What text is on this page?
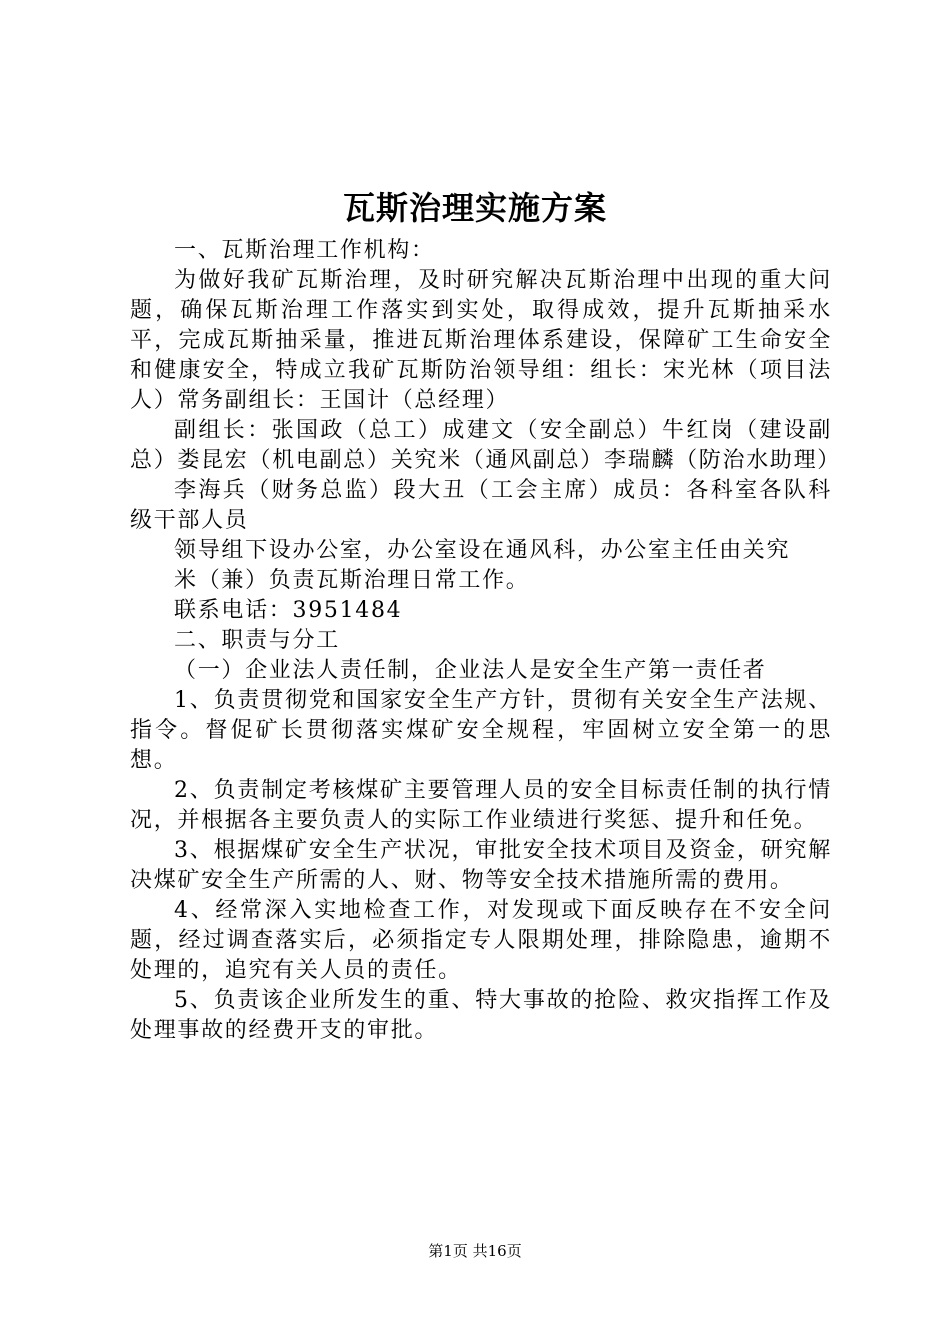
瓦斯治理实施方案

一、瓦斯治理工作机构：

为做好我矿瓦斯治理，及时研究解决瓦斯治理中出现的重大问题，确保瓦斯治理工作落实到实处，取得成效，提升瓦斯抽采水平，完成瓦斯抽采量，推进瓦斯治理体系建设，保障矿工生命安全和健康安全，特成立我矿瓦斯防治领导组：组长：宋光林（项目法人）常务副组长：王国计（总经理）

副组长：张国政（总工）成建文（安全副总）牛红岗（建设副总）娄昆宏（机电副总）关究米（通风副总）李瑞麟（防治水助理）

李海兵（财务总监）段大丑（工会主席）成员：各科室各队科级干部人员

领导组下设办公室，办公室设在通风科，办公室主任由关究

米（兼）负责瓦斯治理日常工作。

联系电话：3951484

二、职责与分工

（一）企业法人责任制，企业法人是安全生产第一责任者

1、负责贯彻党和国家安全生产方针，贯彻有关安全生产法规、指令。督促矿长贯彻落实煤矿安全规程，牢固树立安全第一的思想。

2、负责制定考核煤矿主要管理人员的安全目标责任制的执行情况，并根据各主要负责人的实际工作业绩进行奖惩、提升和任免。

3、根据煤矿安全生产状况，审批安全技术项目及资金，研究解决煤矿安全生产所需的人、财、物等安全技术措施所需的费用。

4、经常深入实地检查工作，对发现或下面反映存在不安全问题，经过调查落实后，必须指定专人限期处理，排除隐患，逾期不处理的，追究有关人员的责任。

5、负责该企业所发生的重、特大事故的抢险、救灾指挥工作及处理事故的经费开支的审批。

第1页 共16页
